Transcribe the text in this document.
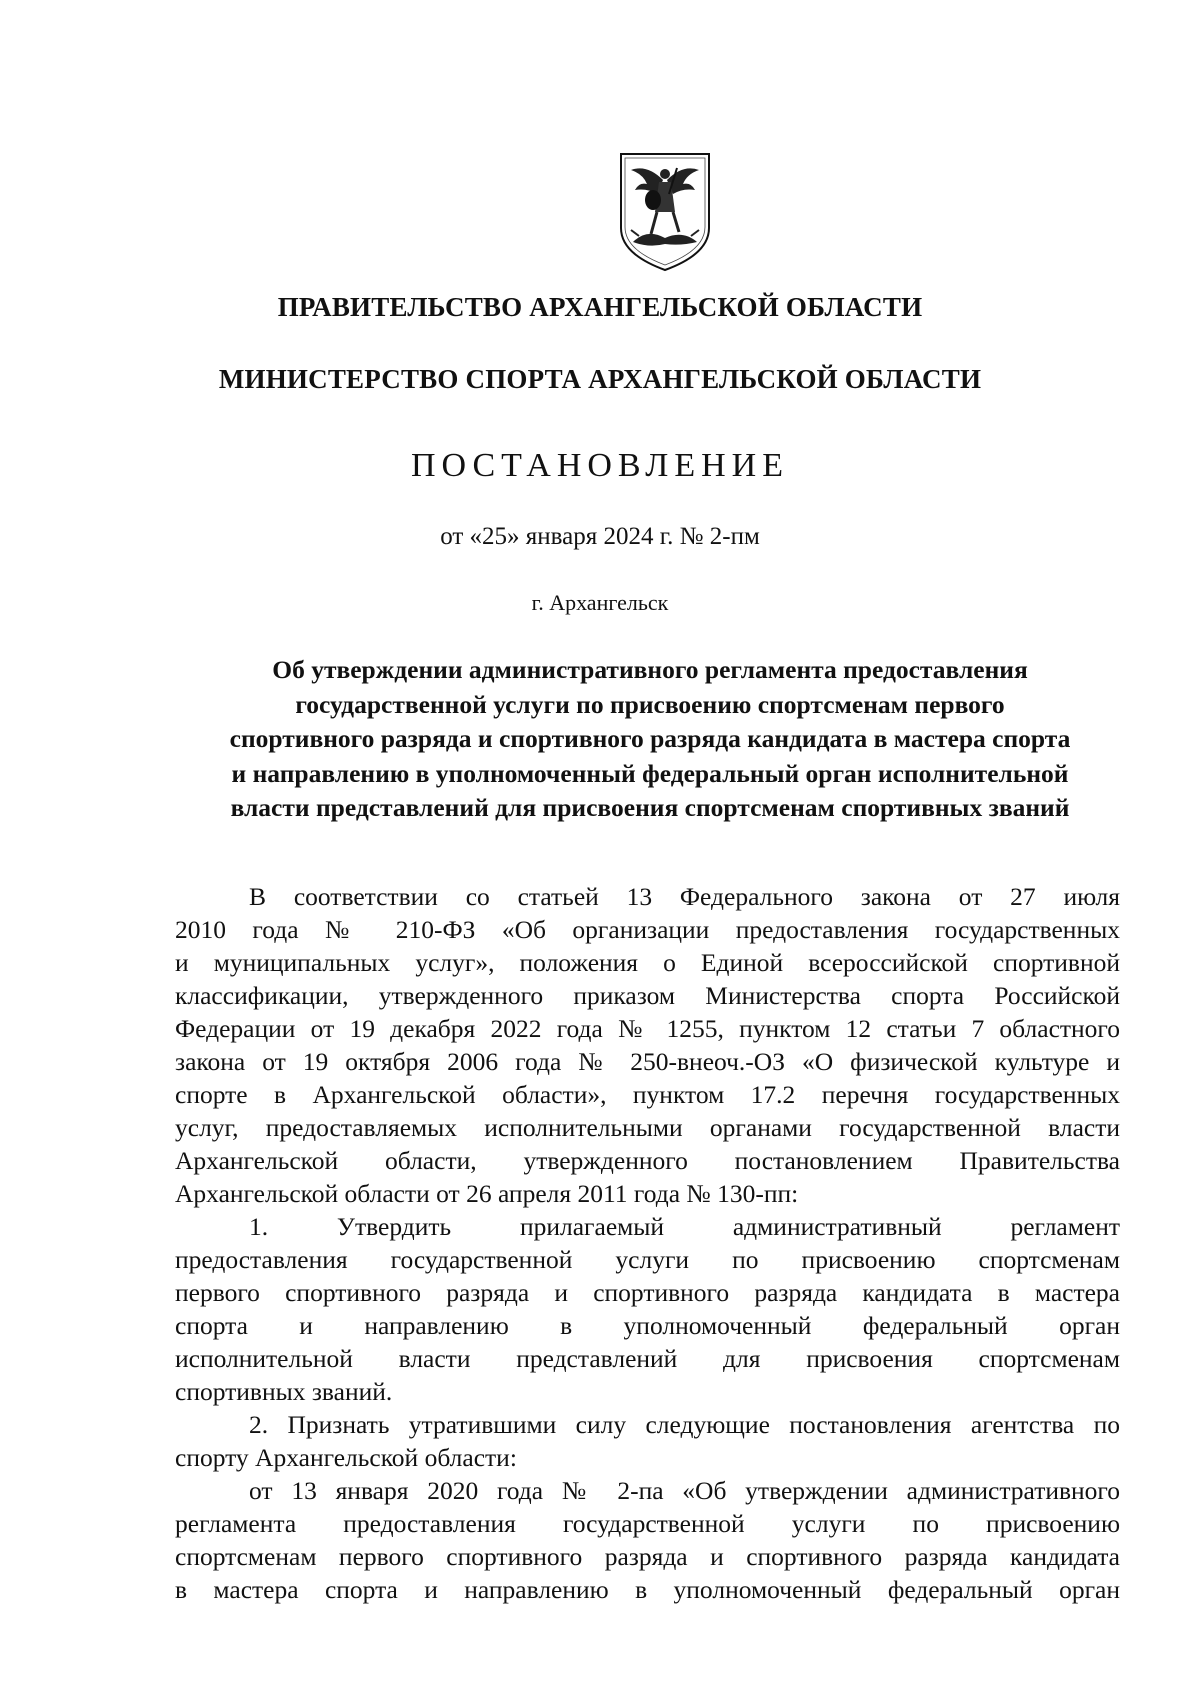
ПРАВИТЕЛЬСТВО АРХАНГЕЛЬСКОЙ ОБЛАСТИ
МИНИСТЕРСТВО СПОРТА АРХАНГЕЛЬСКОЙ ОБЛАСТИ
ПОСТАНОВЛЕНИЕ
от «25» января 2024 г. № 2-пм
г. Архангельск
Об утверждении административного регламента предоставления
государственной услуги по присвоению спортсменам первого
спортивного разряда и спортивного разряда кандидата в мастера спорта
и направлению в уполномоченный федеральный орган исполнительной
власти представлений для присвоения спортсменам спортивных званий
В соответствии со статьей 13 Федерального закона от 27 июля
2010 года № 210-ФЗ «Об организации предоставления государственных
и муниципальных услуг», положения о Единой всероссийской спортивной
классификации, утвержденного приказом Министерства спорта Российской
Федерации от 19 декабря 2022 года № 1255, пунктом 12 статьи 7 областного
закона от 19 октября 2006 года № 250-внеоч.-ОЗ «О физической культуре и
спорте в Архангельской области», пунктом 17.2 перечня государственных
услуг, предоставляемых исполнительными органами государственной власти
Архангельской области, утвержденного постановлением Правительства
Архангельской области от 26 апреля 2011 года № 130-пп:
1. Утвердить прилагаемый административный регламент
предоставления государственной услуги по присвоению спортсменам
первого спортивного разряда и спортивного разряда кандидата в мастера
спорта и направлению в уполномоченный федеральный орган
исполнительной власти представлений для присвоения спортсменам
спортивных званий.
2. Признать утратившими силу следующие постановления агентства по
спорту Архангельской области:
от 13 января 2020 года № 2-па «Об утверждении административного
регламента предоставления государственной услуги по присвоению
спортсменам первого спортивного разряда и спортивного разряда кандидата
в мастера спорта и направлению в уполномоченный федеральный орган
